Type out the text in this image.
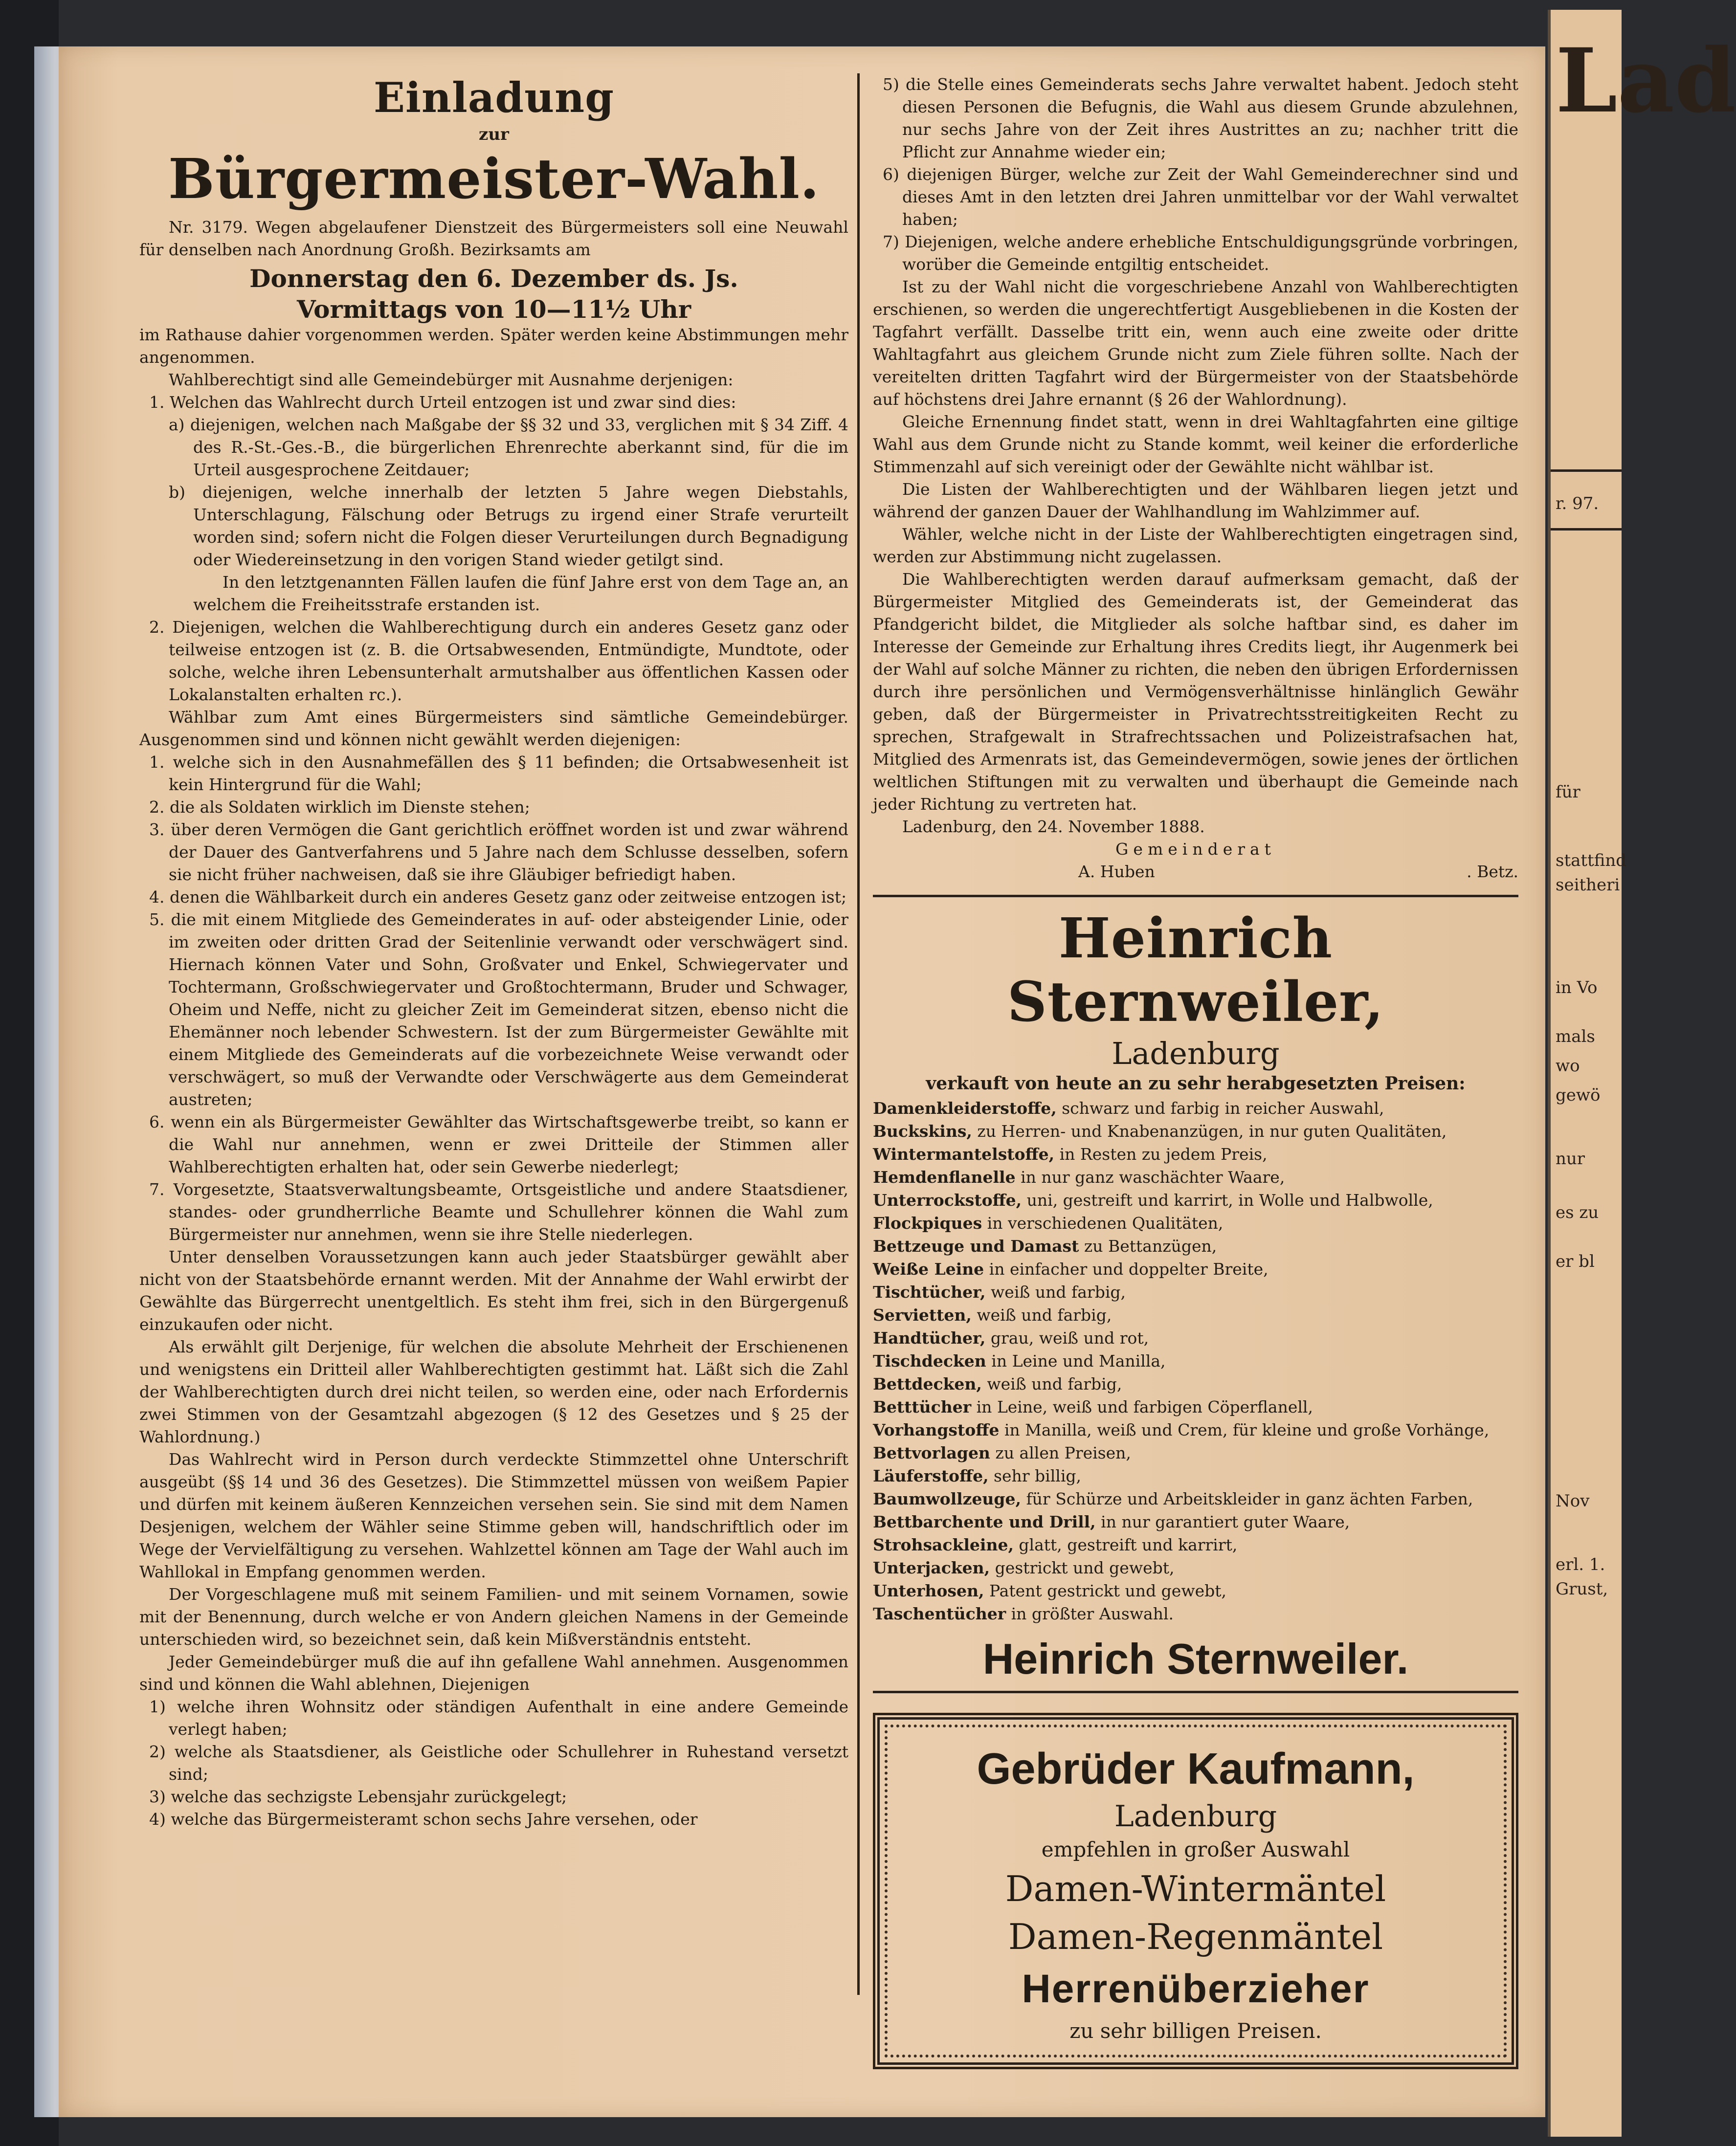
Lad
r. 97.
für
stattfind
seitheri
in Vo
mals
wo
gewö
nur
es zu
er bl
Nov
erl. 1.
Grust,

Einladung

zur

Bürgermeister-Wahl.

Nr. 3179. Wegen abgelaufener Dienstzeit des Bürgermeisters soll eine Neuwahl für denselben nach Anordnung Großh. Bezirksamts am

Donnerstag den 6. Dezember ds. Js.

Vormittags von 10—11½ Uhr

im Rathause dahier vorgenommen werden. Später werden keine Abstimmungen mehr angenommen.

Wahlberechtigt sind alle Gemeindebürger mit Ausnahme derjenigen:

1. Welchen das Wahlrecht durch Urteil entzogen ist und zwar sind dies:

a) diejenigen, welchen nach Maßgabe der §§ 32 und 33, verglichen mit § 34 Ziff. 4 des R.-St.-Ges.-B., die bürgerlichen Ehrenrechte aberkannt sind, für die im Urteil ausgesprochene Zeitdauer;

b) diejenigen, welche innerhalb der letzten 5 Jahre wegen Diebstahls, Unterschlagung, Fälschung oder Betrugs zu irgend einer Strafe verurteilt worden sind; sofern nicht die Folgen dieser Verurteilungen durch Begnadigung oder Wiedereinsetzung in den vorigen Stand wieder getilgt sind.

In den letztgenannten Fällen laufen die fünf Jahre erst von dem Tage an, an welchem die Freiheitsstrafe erstanden ist.

2. Diejenigen, welchen die Wahlberechtigung durch ein anderes Gesetz ganz oder teilweise entzogen ist (z. B. die Ortsabwesenden, Entmündigte, Mundtote, oder solche, welche ihren Lebensunterhalt armutshalber aus öffentlichen Kassen oder Lokalanstalten erhalten rc.).

Wählbar zum Amt eines Bürgermeisters sind sämtliche Gemeindebürger. Ausgenommen sind und können nicht gewählt werden diejenigen:

1. welche sich in den Ausnahmefällen des § 11 befinden; die Ortsabwesenheit ist kein Hintergrund für die Wahl;

2. die als Soldaten wirklich im Dienste stehen;

3. über deren Vermögen die Gant gerichtlich eröffnet worden ist und zwar während der Dauer des Gantverfahrens und 5 Jahre nach dem Schlusse desselben, sofern sie nicht früher nachweisen, daß sie ihre Gläubiger befriedigt haben.

4. denen die Wählbarkeit durch ein anderes Gesetz ganz oder zeitweise entzogen ist;

5. die mit einem Mitgliede des Gemeinderates in auf- oder absteigender Linie, oder im zweiten oder dritten Grad der Seitenlinie verwandt oder verschwägert sind. Hiernach können Vater und Sohn, Großvater und Enkel, Schwiegervater und Tochtermann, Großschwiegervater und Großtochtermann, Bruder und Schwager, Oheim und Neffe, nicht zu gleicher Zeit im Gemeinderat sitzen, ebenso nicht die Ehemänner noch lebender Schwestern. Ist der zum Bürgermeister Gewählte mit einem Mitgliede des Gemeinderats auf die vorbezeichnete Weise verwandt oder verschwägert, so muß der Verwandte oder Verschwägerte aus dem Gemeinderat austreten;

6. wenn ein als Bürgermeister Gewählter das Wirtschaftsgewerbe treibt, so kann er die Wahl nur annehmen, wenn er zwei Dritteile der Stimmen aller Wahlberechtigten erhalten hat, oder sein Gewerbe niederlegt;

7. Vorgesetzte, Staatsverwaltungsbeamte, Ortsgeistliche und andere Staatsdiener, standes- oder grundherrliche Beamte und Schullehrer können die Wahl zum Bürgermeister nur annehmen, wenn sie ihre Stelle niederlegen.

Unter denselben Voraussetzungen kann auch jeder Staatsbürger gewählt aber nicht von der Staatsbehörde ernannt werden. Mit der Annahme der Wahl erwirbt der Gewählte das Bürgerrecht unentgeltlich. Es steht ihm frei, sich in den Bürgergenuß einzukaufen oder nicht.

Als erwählt gilt Derjenige, für welchen die absolute Mehrheit der Erschienenen und wenigstens ein Dritteil aller Wahlberechtigten gestimmt hat. Läßt sich die Zahl der Wahlberechtigten durch drei nicht teilen, so werden eine, oder nach Erfordernis zwei Stimmen von der Gesamtzahl abgezogen (§ 12 des Gesetzes und § 25 der Wahlordnung.)

Das Wahlrecht wird in Person durch verdeckte Stimmzettel ohne Unterschrift ausgeübt (§§ 14 und 36 des Gesetzes). Die Stimmzettel müssen von weißem Papier und dürfen mit keinem äußeren Kennzeichen versehen sein. Sie sind mit dem Namen Desjenigen, welchem der Wähler seine Stimme geben will, handschriftlich oder im Wege der Vervielfältigung zu versehen. Wahlzettel können am Tage der Wahl auch im Wahllokal in Empfang genommen werden.

Der Vorgeschlagene muß mit seinem Familien- und mit seinem Vornamen, sowie mit der Benennung, durch welche er von Andern gleichen Namens in der Gemeinde unterschieden wird, so bezeichnet sein, daß kein Mißverständnis entsteht.

Jeder Gemeindebürger muß die auf ihn gefallene Wahl annehmen. Ausgenommen sind und können die Wahl ablehnen, Diejenigen

1) welche ihren Wohnsitz oder ständigen Aufenthalt in eine andere Gemeinde verlegt haben;

2) welche als Staatsdiener, als Geistliche oder Schullehrer in Ruhestand versetzt sind;

3) welche das sechzigste Lebensjahr zurückgelegt;

4) welche das Bürgermeisteramt schon sechs Jahre versehen, oder

5) die Stelle eines Gemeinderats sechs Jahre verwaltet habent. Jedoch steht diesen Personen die Befugnis, die Wahl aus diesem Grunde abzulehnen, nur sechs Jahre von der Zeit ihres Austrittes an zu; nachher tritt die Pflicht zur Annahme wieder ein;

6) diejenigen Bürger, welche zur Zeit der Wahl Gemeinderechner sind und dieses Amt in den letzten drei Jahren unmittelbar vor der Wahl verwaltet haben;

7) Diejenigen, welche andere erhebliche Entschuldigungsgründe vorbringen, worüber die Gemeinde entgiltig entscheidet.

Ist zu der Wahl nicht die vorgeschriebene Anzahl von Wahlberechtigten erschienen, so werden die ungerechtfertigt Ausgebliebenen in die Kosten der Tagfahrt verfällt. Dasselbe tritt ein, wenn auch eine zweite oder dritte Wahltagfahrt aus gleichem Grunde nicht zum Ziele führen sollte. Nach der vereitelten dritten Tagfahrt wird der Bürgermeister von der Staatsbehörde auf höchstens drei Jahre ernannt (§ 26 der Wahlordnung).

Gleiche Ernennung findet statt, wenn in drei Wahltagfahrten eine giltige Wahl aus dem Grunde nicht zu Stande kommt, weil keiner die erforderliche Stimmenzahl auf sich vereinigt oder der Gewählte nicht wählbar ist.

Die Listen der Wahlberechtigten und der Wählbaren liegen jetzt und während der ganzen Dauer der Wahlhandlung im Wahlzimmer auf.

Wähler, welche nicht in der Liste der Wahlberechtigten eingetragen sind, werden zur Abstimmung nicht zugelassen.

Die Wahlberechtigten werden darauf aufmerksam gemacht, daß der Bürgermeister Mitglied des Gemeinderats ist, der Gemeinderat das Pfandgericht bildet, die Mitglieder als solche haftbar sind, es daher im Interesse der Gemeinde zur Erhaltung ihres Credits liegt, ihr Augenmerk bei der Wahl auf solche Männer zu richten, die neben den übrigen Erfordernissen durch ihre persönlichen und Vermögensverhältnisse hinlänglich Gewähr geben, daß der Bürgermeister in Privatrechtsstreitigkeiten Recht zu sprechen, Strafgewalt in Strafrechtssachen und Polizeistrafsachen hat, Mitglied des Armenrats ist, das Gemeindevermögen, sowie jenes der örtlichen weltlichen Stiftungen mit zu verwalten und überhaupt die Gemeinde nach jeder Richtung zu vertreten hat.

Ladenburg, den 24. November 1888.

Gemeinderat

A. Huben	. Betz.

Heinrich Sternweiler,

Ladenburg

verkauft von heute an zu sehr herabgesetzten Preisen:

Damenkleiderstoffe, schwarz und farbig in reicher Auswahl,

Buckskins, zu Herren- und Knabenanzügen, in nur guten Qualitäten,

Wintermantelstoffe, in Resten zu jedem Preis,

Hemdenflanelle in nur ganz waschächter Waare,

Unterrockstoffe, uni, gestreift und karrirt, in Wolle und Halbwolle,

Flockpiques in verschiedenen Qualitäten,

Bettzeuge und Damast zu Bettanzügen,

Weiße Leine in einfacher und doppelter Breite,

Tischtücher, weiß und farbig,

Servietten, weiß und farbig,

Handtücher, grau, weiß und rot,

Tischdecken in Leine und Manilla,

Bettdecken, weiß und farbig,

Betttücher in Leine, weiß und farbigen Cöperflanell,

Vorhangstoffe in Manilla, weiß und Crem, für kleine und große Vorhänge,

Bettvorlagen zu allen Preisen,

Läuferstoffe, sehr billig,

Baumwollzeuge, für Schürze und Arbeitskleider in ganz ächten Farben,

Bettbarchente und Drill, in nur garantiert guter Waare,

Strohsackleine, glatt, gestreift und karrirt,

Unterjacken, gestrickt und gewebt,

Unterhosen, Patent gestrickt und gewebt,

Taschentücher in größter Auswahl.

Heinrich Sternweiler.

Gebrüder Kaufmann,

Ladenburg

empfehlen in großer Auswahl

Damen-Wintermäntel

Damen-Regenmäntel

Herrenüberzieher

zu sehr billigen Preisen.
